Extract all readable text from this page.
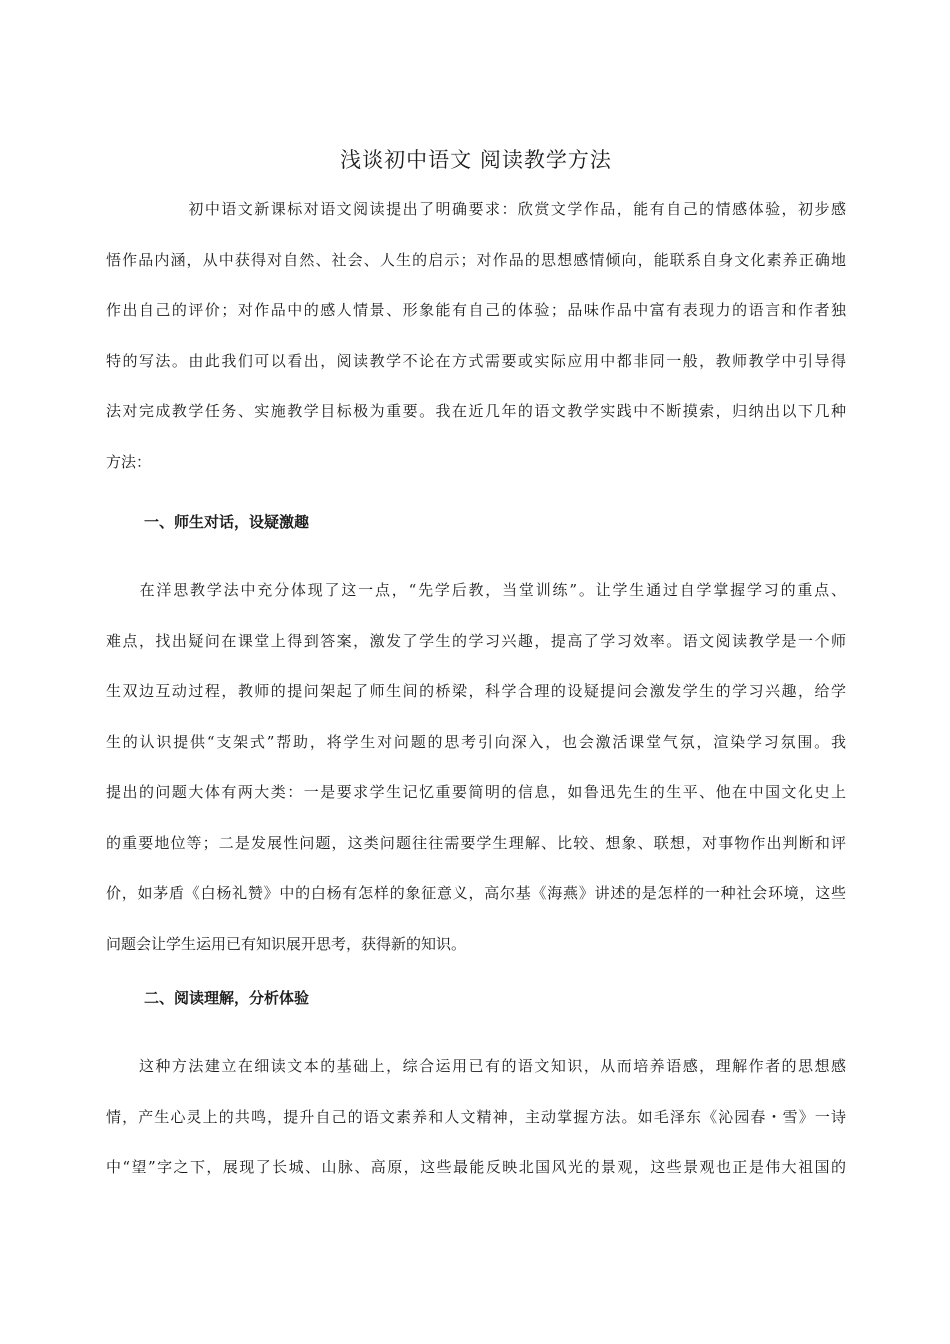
浅谈初中语文 阅读教学方法
　　　　　初中语文新课标对语文阅读提出了明确要求：欣赏文学作品，能有自己的情感体验，初步感
悟作品内涵，从中获得对自然、社会、人生的启示；对作品的思想感情倾向，能联系自身文化素养正确地
作出自己的评价；对作品中的感人情景、形象能有自己的体验；品味作品中富有表现力的语言和作者独
特的写法。由此我们可以看出，阅读教学不论在方式需要或实际应用中都非同一般，教师教学中引导得
法对完成教学任务、实施教学目标极为重要。我在近几年的语文教学实践中不断摸索，归纳出以下几种
方法：
一、师生对话，设疑激趣
　　在洋思教学法中充分体现了这一点，“先学后教，当堂训练”。让学生通过自学掌握学习的重点、
难点，找出疑问在课堂上得到答案，激发了学生的学习兴趣，提高了学习效率。语文阅读教学是一个师
生双边互动过程，教师的提问架起了师生间的桥梁，科学合理的设疑提问会激发学生的学习兴趣，给学
生的认识提供“支架式”帮助，将学生对问题的思考引向深入，也会激活课堂气氛，渲染学习氛围。我
提出的问题大体有两大类：一是要求学生记忆重要简明的信息，如鲁迅先生的生平、他在中国文化史上
的重要地位等；二是发展性问题，这类问题往往需要学生理解、比较、想象、联想，对事物作出判断和评
价，如茅盾《白杨礼赞》中的白杨有怎样的象征意义，高尔基《海燕》讲述的是怎样的一种社会环境，这些
问题会让学生运用已有知识展开思考，获得新的知识。
二、阅读理解，分析体验
　　这种方法建立在细读文本的基础上，综合运用已有的语文知识，从而培养语感，理解作者的思想感
情，产生心灵上的共鸣，提升自己的语文素养和人文精神，主动掌握方法。如毛泽东《沁园春・雪》一诗
中“望”字之下，展现了长城、山脉、高原，这些最能反映北国风光的景观，这些景观也正是伟大祖国的
